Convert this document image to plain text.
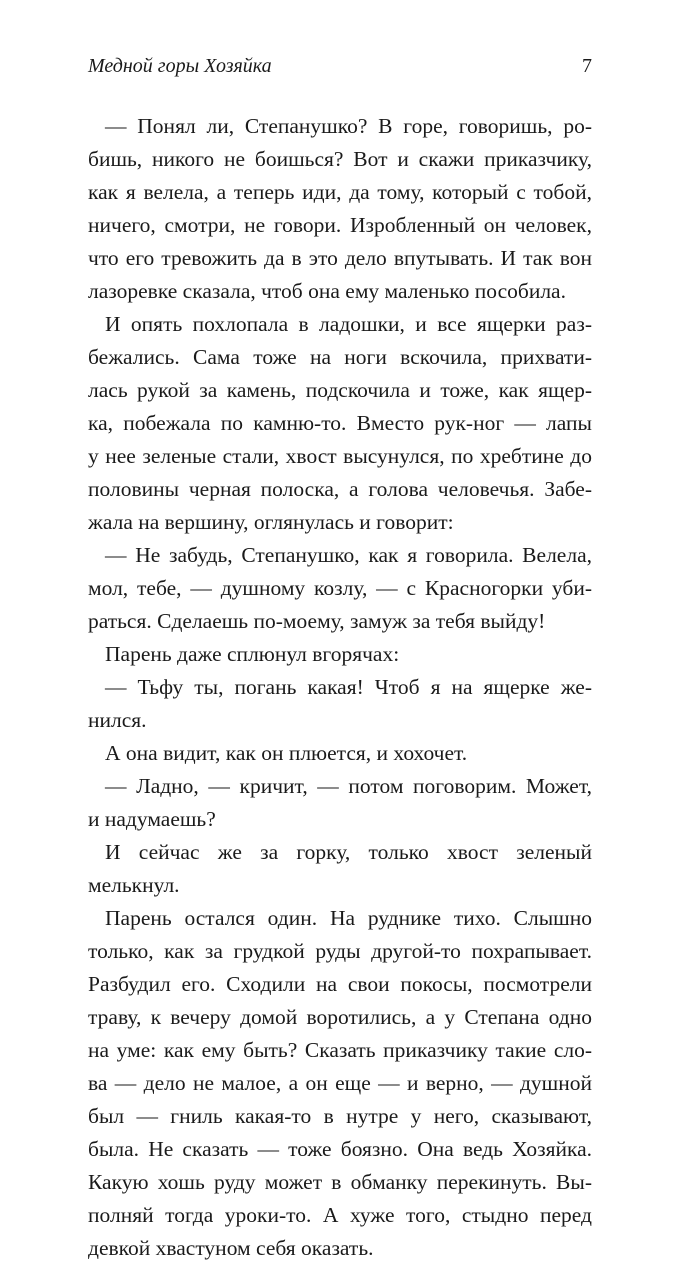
Медной горы Хозяйка	7
— Понял ли, Степанушко? В горе, говоришь, ро-
бишь, никого не боишься? Вот и скажи приказчику,
как я велела, а теперь иди, да тому, который с тобой,
ничего, смотри, не говори. Изробленный он человек,
что его тревожить да в это дело впутывать. И так вон
лазоревке сказала, чтоб она ему маленько пособила.
И опять похлопала в ладошки, и все ящерки раз-
бежались. Сама тоже на ноги вскочила, прихвати-
лась рукой за камень, подскочила и тоже, как ящер-
ка, побежала по камню-то. Вместо рук-ног — лапы
у нее зеленые стали, хвост высунулся, по хребтине до
половины черная полоска, а голова человечья. Забе-
жала на вершину, оглянулась и говорит:
— Не забудь, Степанушко, как я говорила. Велела,
мол, тебе, — душному козлу, — с Красногорки уби-
раться. Сделаешь по-моему, замуж за тебя выйду!
Парень даже сплюнул вгорячах:
— Тьфу ты, погань какая! Чтоб я на ящерке же-
нился.
А она видит, как он плюется, и хохочет.
— Ладно, — кричит, — потом поговорим. Может,
и надумаешь?
И сейчас же за горку, только хвост зеленый
мелькнул.
Парень остался один. На руднике тихо. Слышно
только, как за грудкой руды другой-то похрапывает.
Разбудил его. Сходили на свои покосы, посмотрели
траву, к вечеру домой воротились, а у Степана одно
на уме: как ему быть? Сказать приказчику такие сло-
ва — дело не малое, а он еще — и верно, — душной
был — гниль какая-то в нутре у него, сказывают,
была. Не сказать — тоже боязно. Она ведь Хозяйка.
Какую хошь руду может в обманку перекинуть. Вы-
полняй тогда уроки-то. А хуже того, стыдно перед
девкой хвастуном себя оказать.
